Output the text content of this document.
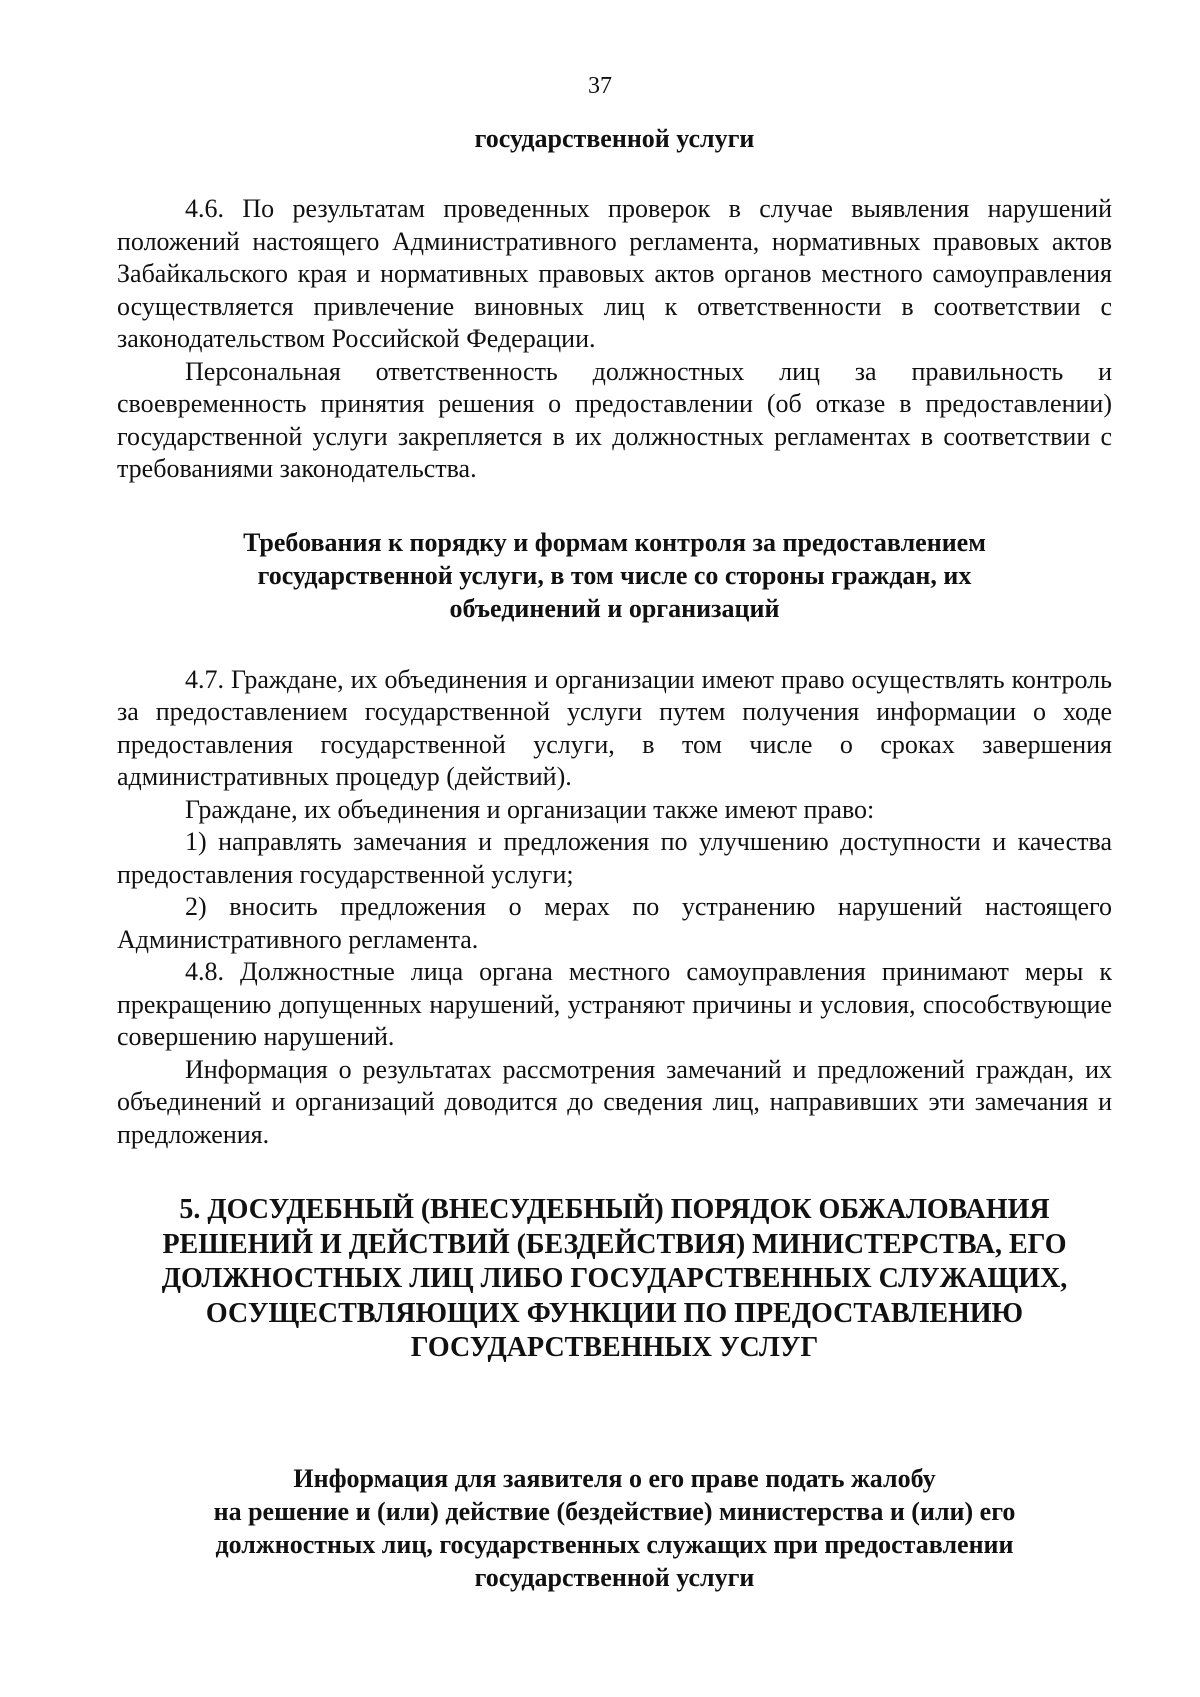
37
государственной услуги

4.6. По результатам проведенных проверок в случае выявления нарушений положений настоящего Административного регламента, нормативных правовых актов Забайкальского края и нормативных правовых актов органов местного самоуправления осуществляется привлечение виновных лиц к ответственности в соответствии с законодательством Российской Федерации.

Персональная ответственность должностных лиц за правильность и своевременность принятия решения о предоставлении (об отказе в предоставлении) государственной услуги закрепляется в их должностных регламентах в соответствии с требованиями законодательства.

Требования к порядку и формам контроля за предоставлением
государственной услуги, в том числе со стороны граждан, их
объединений и организаций

4.7. Граждане, их объединения и организации имеют право осуществлять контроль за предоставлением государственной услуги путем получения информации о ходе предоставления государственной услуги, в том числе о сроках завершения административных процедур (действий).

Граждане, их объединения и организации также имеют право:

1) направлять замечания и предложения по улучшению доступности и качества предоставления государственной услуги;

2) вносить предложения о мерах по устранению нарушений настоящего Административного регламента.

4.8. Должностные лица органа местного самоуправления принимают меры к прекращению допущенных нарушений, устраняют причины и условия, способствующие совершению нарушений.

Информация о результатах рассмотрения замечаний и предложений граждан, их объединений и организаций доводится до сведения лиц, направивших эти замечания и предложения.

5. ДОСУДЕБНЫЙ (ВНЕСУДЕБНЫЙ) ПОРЯДОК ОБЖАЛОВАНИЯ
РЕШЕНИЙ И ДЕЙСТВИЙ (БЕЗДЕЙСТВИЯ) МИНИСТЕРСТВА, ЕГО
ДОЛЖНОСТНЫХ ЛИЦ ЛИБО ГОСУДАРСТВЕННЫХ СЛУЖАЩИХ,
ОСУЩЕСТВЛЯЮЩИХ ФУНКЦИИ ПО ПРЕДОСТАВЛЕНИЮ
ГОСУДАРСТВЕННЫХ УСЛУГ
Информация для заявителя о его праве подать жалобу
на решение и (или) действие (бездействие) министерства и (или) его
должностных лиц, государственных служащих при предоставлении
государственной услуги
